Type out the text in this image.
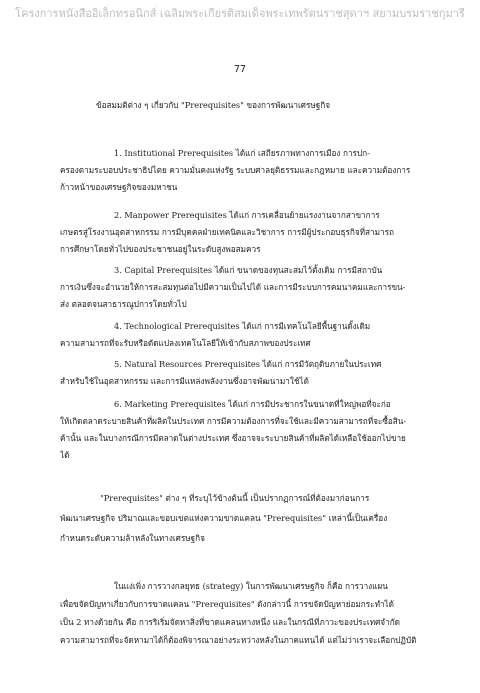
โครงการหนังสืออิเล็กทรอนิกส์ เฉลิมพระเกียรติสมเด็จพระเทพรัตนราชสุดาฯ สยามบรมราชกุมารี
77
ข้อสมมติต่าง ๆ เกี่ยวกับ "Prerequisites" ของการพัฒนาเศรษฐกิจ
1. Institutional Prerequisites ได้แก่ เสถียรภาพทางการเมือง การปก-
ครองตามระบอบประชาธิปไตย ความมั่นคงแห่งรัฐ ระบบศาลยุติธรรมและกฎหมาย และความต้องการ
ก้าวหน้าของเศรษฐกิจของมหาชน
2. Manpower Prerequisites ได้แก่ การเคลื่อนย้ายแรงงานจากสาขาการ
เกษตรสู่โรงงานอุตสาหกรรม การมีบุคคลฝ่ายเทคนิคและวิชาการ การมีผู้ประกอบธุรกิจที่สามารถ
การศึกษาโดยทั่วไปของประชาชนอยู่ในระดับสูงพอสมควร
3. Capital Prerequisites ได้แก่ ขนาดของทุนสะสมไว้ตั้งเดิม การมีสถาบัน
การเงินซึ่งจะอำนวยให้การสะสมทุนต่อไปมีความเป็นไปได้ และการมีระบบการคมนาคมและการขน-
ส่ง ตลอดจนสาธารณูปการโดยทั่วไป
4. Technological Prerequisites ได้แก่ การมีเทคโนโลยีพื้นฐานดั้งเดิม
ความสามารถที่จะรับหรือดัดแปลงเทคโนโลยีให้เข้ากับสภาพของประเทศ
5. Natural Resources Prerequisites ได้แก่ การมีวัตถุดิบภายในประเทศ
สำหรับใช้ในอุตสาหกรรม และการมีแหล่งพลังงานซึ่งอาจพัฒนามาใช้ได้
6. Marketing Prerequisites ได้แก่ การมีประชากรในขนาดที่ใหญ่พอที่จะก่อ
ให้เกิดตลาดระบายสินค้าที่ผลิตในประเทศ การมีความต้องการที่จะใช้และมีความสามารถที่จะซื้อสิน-
ค้านั้น และในบางกรณีการมีตลาดในต่างประเทศ ซึ่งอาจจะระบายสินค้าที่ผลิตได้เหลือใช้ออกไปขาย
ได้
"Prerequisites" ต่าง ๆ ที่ระบุไว้ข้างต้นนี้ เป็นปรากฏการณ์ที่ต้องมาก่อนการ
พัฒนาเศรษฐกิจ ปริมาณและขอบเขตแห่งความขาดแคลน "Prerequisites" เหล่านี้เป็นเครื่อง
กำหนดระดับความล้าหลังในทางเศรษฐกิจ
ในแง่เพิ่ง การวางกลยุทธ (strategy) ในการพัฒนาเศรษฐกิจ ก็คือ การวางแผน
เพื่อขจัดปัญหาเกี่ยวกับการขาดแคลน "Prerequisites" ดังกล่าวนี้ การขจัดปัญหาย่อมกระทำได้
เป็น 2 ทางด้วยกัน คือ การริเริ่มจัดหาสิ่งที่ขาดแคลนทางหนึ่ง และในกรณีที่ภาวะของประเทศจำกัด
ความสามารถที่จะจัดหามาได้ก็ต้องพิจารณาอย่างระหว่างหลังในภาคแทนได้ แต่ไม่ว่าเราจะเลือกปฏิบัติ
